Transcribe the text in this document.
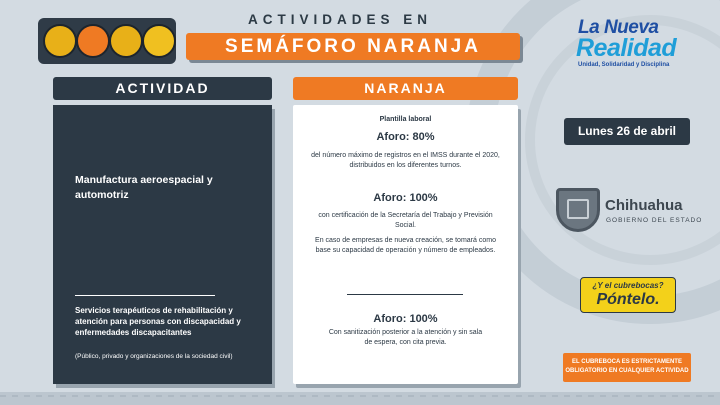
ACTIVIDADES EN
SEMÁFORO NARANJA
La Nueva
Realidad
Unidad, Solidaridad y Disciplina
ACTIVIDAD	NARANJA
Manufactura aeroespacial y automotriz
Servicios terapéuticos de rehabilitación y atención para personas con discapacidad y enfermedades discapacitantes
(Público, privado y organizaciones de la sociedad civil)
Plantilla laboral
Aforo: 80%
del número máximo de registros en el IMSS durante el 2020, distribuidos en los diferentes turnos.
Aforo: 100%
con certificación de la Secretaría del Trabajo y Previsión Social.
En caso de empresas de nueva creación, se tomará como base su capacidad de operación y número de empleados.
Aforo: 100%
Con sanitización posterior a la atención y sin sala de espera, con cita previa.
Lunes 26 de abril
Chihuahua
GOBIERNO DEL ESTADO
¿Y el cubrebocas?
Póntelo.
EL CUBREBOCA ES ESTRICTAMENTE OBLIGATORIO EN CUALQUIER ACTIVIDAD
